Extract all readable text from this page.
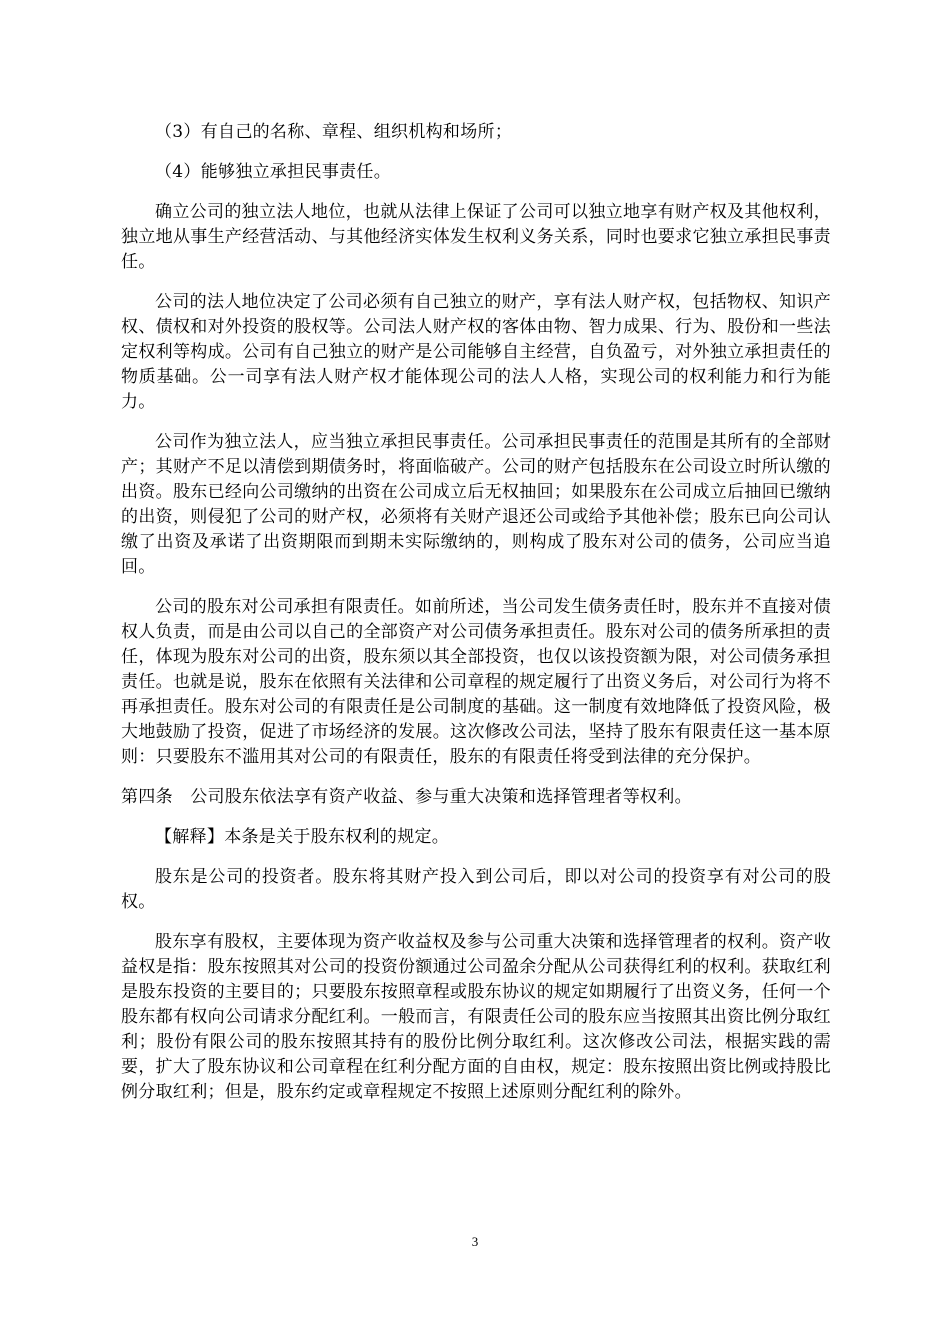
（3）有自己的名称、章程、组织机构和场所；

（4）能够独立承担民事责任。

确立公司的独立法人地位，也就从法律上保证了公司可以独立地享有财产权及其他权利，独立地从事生产经营活动、与其他经济实体发生权利义务关系，同时也要求它独立承担民事责任。

公司的法人地位决定了公司必须有自己独立的财产，享有法人财产权，包括物权、知识产权、债权和对外投资的股权等。公司法人财产权的客体由物、智力成果、行为、股份和一些法定权利等构成。公司有自己独立的财产是公司能够自主经营，自负盈亏，对外独立承担责任的物质基础。公一司享有法人财产权才能体现公司的法人人格，实现公司的权利能力和行为能力。

公司作为独立法人，应当独立承担民事责任。公司承担民事责任的范围是其所有的全部财产；其财产不足以清偿到期债务时，将面临破产。公司的财产包括股东在公司设立时所认缴的出资。股东已经向公司缴纳的出资在公司成立后无权抽回；如果股东在公司成立后抽回已缴纳的出资，则侵犯了公司的财产权，必须将有关财产退还公司或给予其他补偿；股东已向公司认缴了出资及承诺了出资期限而到期未实际缴纳的，则构成了股东对公司的债务，公司应当追回。

公司的股东对公司承担有限责任。如前所述，当公司发生债务责任时，股东并不直接对债权人负责，而是由公司以自己的全部资产对公司债务承担责任。股东对公司的债务所承担的责任，体现为股东对公司的出资，股东须以其全部投资，也仅以该投资额为限，对公司债务承担责任。也就是说，股东在依照有关法律和公司章程的规定履行了出资义务后，对公司行为将不再承担责任。股东对公司的有限责任是公司制度的基础。这一制度有效地降低了投资风险，极大地鼓励了投资，促进了市场经济的发展。这次修改公司法，坚持了股东有限责任这一基本原则：只要股东不滥用其对公司的有限责任，股东的有限责任将受到法律的充分保护。

第四条　公司股东依法享有资产收益、参与重大决策和选择管理者等权利。

【解释】本条是关于股东权利的规定。

股东是公司的投资者。股东将其财产投入到公司后，即以对公司的投资享有对公司的股权。

股东享有股权，主要体现为资产收益权及参与公司重大决策和选择管理者的权利。资产收益权是指：股东按照其对公司的投资份额通过公司盈余分配从公司获得红利的权利。获取红利是股东投资的主要目的；只要股东按照章程或股东协议的规定如期履行了出资义务，任何一个股东都有权向公司请求分配红利。一般而言，有限责任公司的股东应当按照其出资比例分取红利；股份有限公司的股东按照其持有的股份比例分取红利。这次修改公司法，根据实践的需要，扩大了股东协议和公司章程在红利分配方面的自由权，规定：股东按照出资比例或持股比例分取红利；但是，股东约定或章程规定不按照上述原则分配红利的除外。

3
